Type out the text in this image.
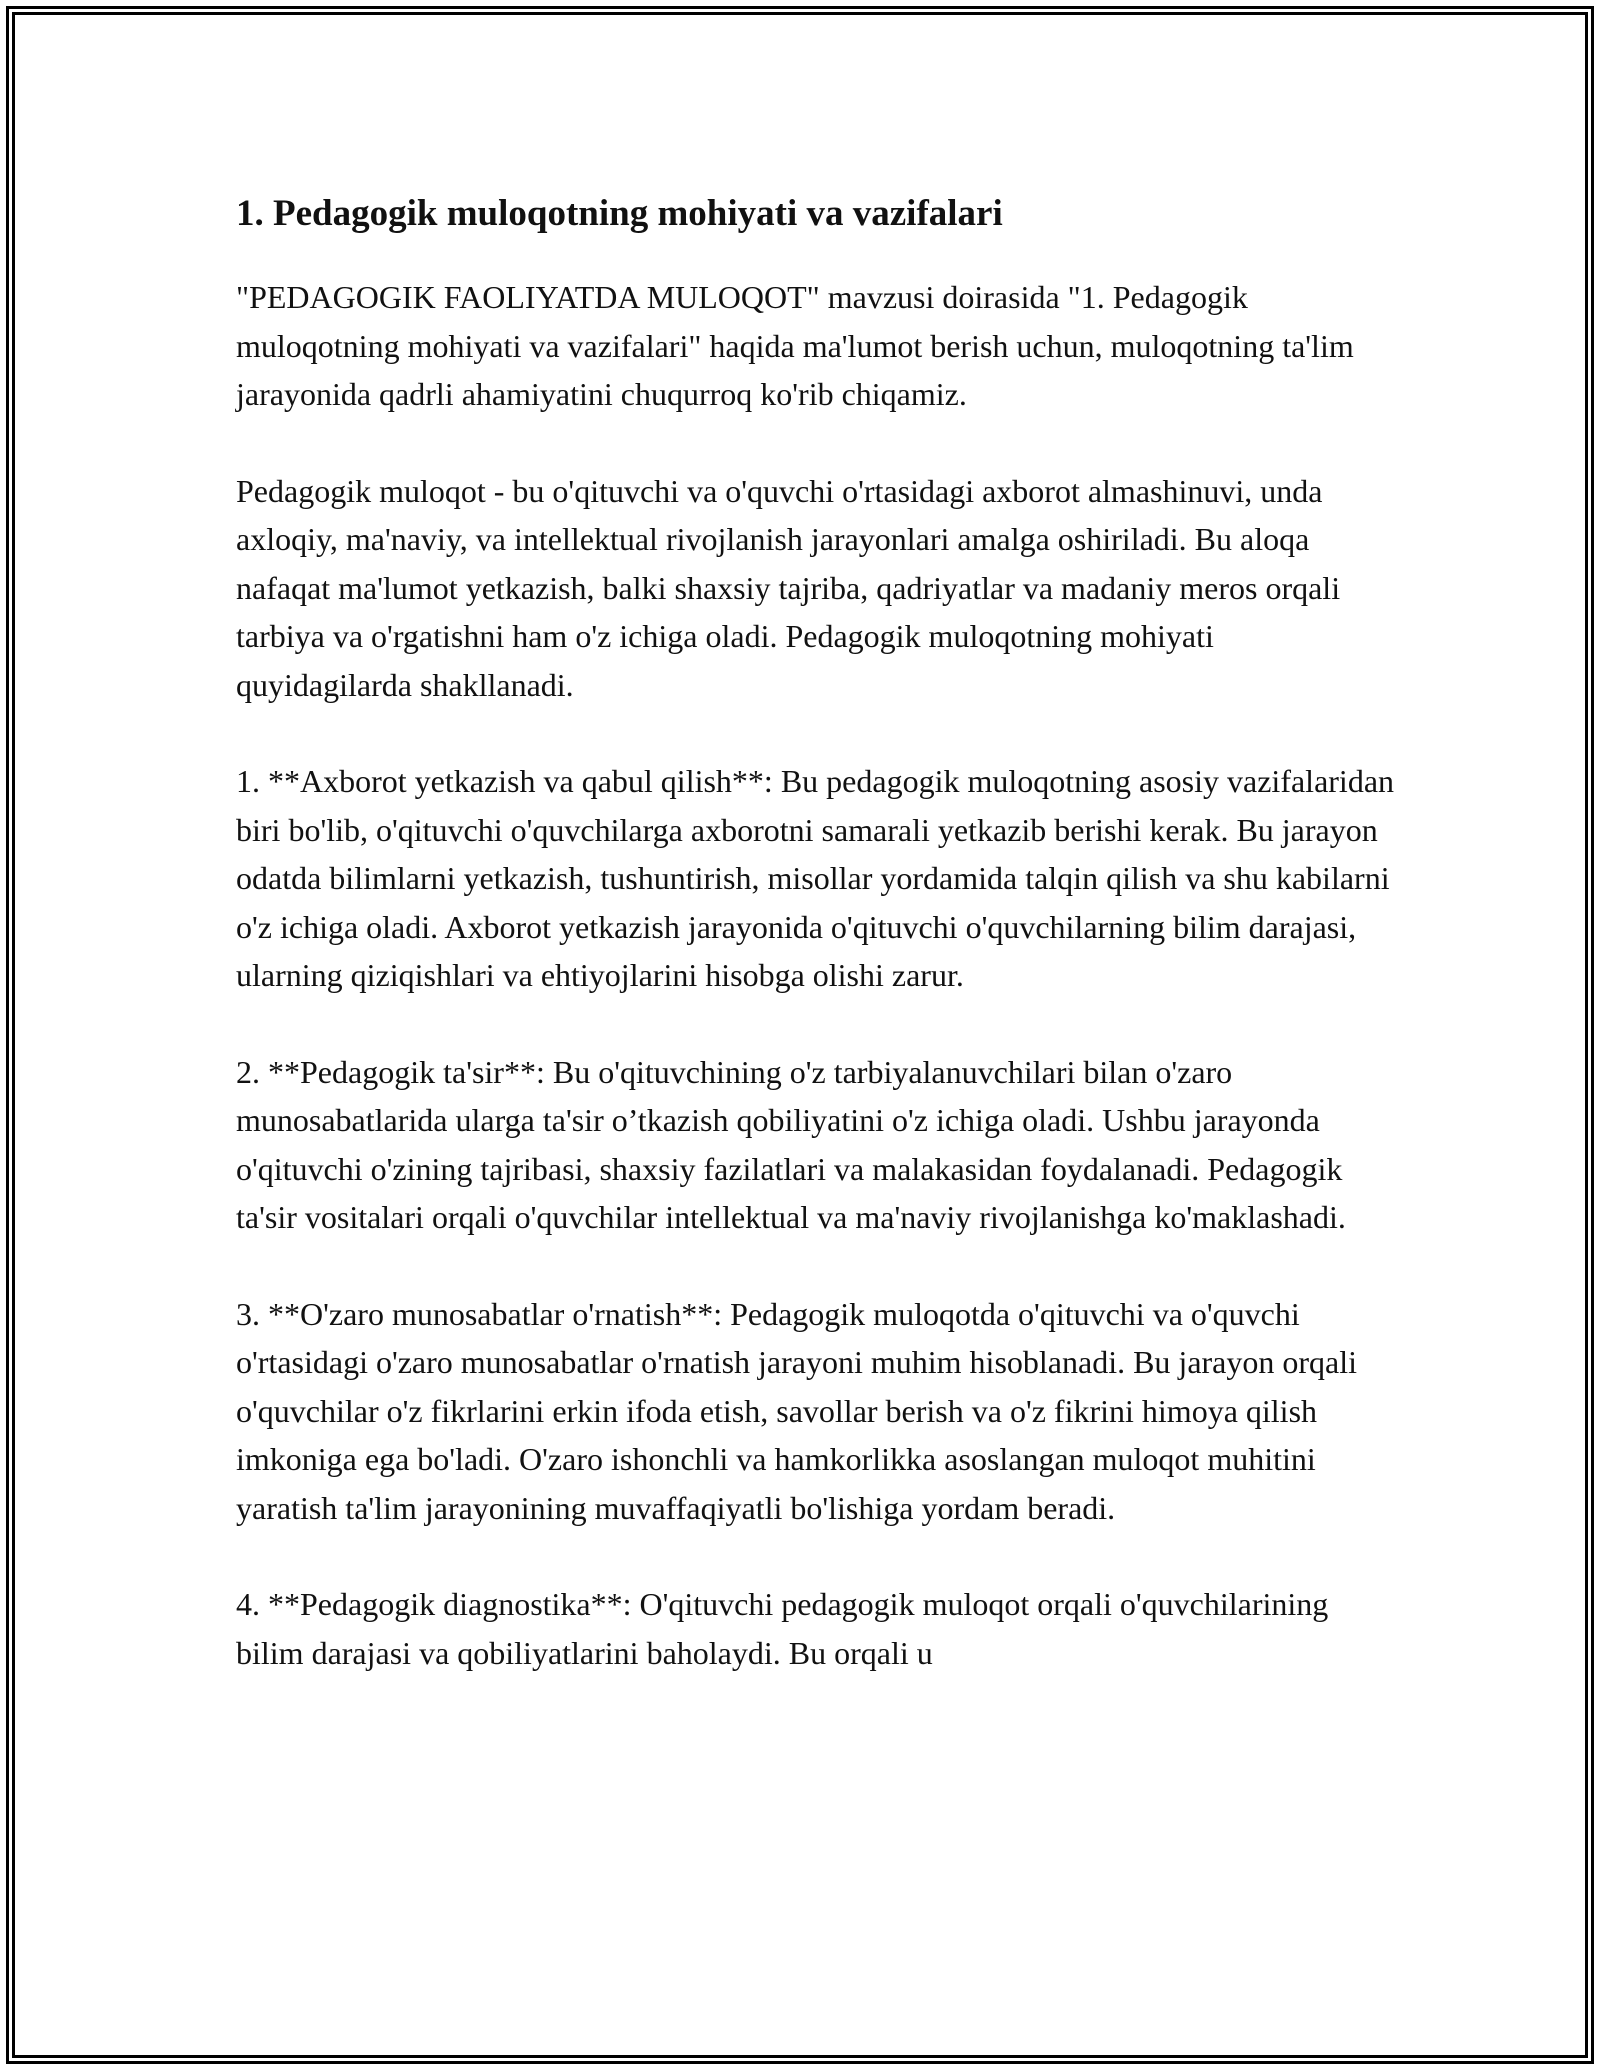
1. Pedagogik muloqotning mohiyati va vazifalari

"PEDAGOGIK FAOLIYATDA MULOQOT" mavzusi doirasida "1. Pedagogik muloqotning mohiyati va vazifalari" haqida ma'lumot berish uchun, muloqotning ta'lim jarayonida qadrli ahamiyatini chuqurroq ko'rib chiqamiz.

Pedagogik muloqot - bu o'qituvchi va o'quvchi o'rtasidagi axborot almashinuvi, unda axloqiy, ma'naviy, va intellektual rivojlanish jarayonlari amalga oshiriladi. Bu aloqa nafaqat ma'lumot yetkazish, balki shaxsiy tajriba, qadriyatlar va madaniy meros orqali tarbiya va o'rgatishni ham o'z ichiga oladi. Pedagogik muloqotning mohiyati quyidagilarda shakllanadi.

1. **Axborot yetkazish va qabul qilish**: Bu pedagogik muloqotning asosiy vazifalaridan biri bo'lib, o'qituvchi o'quvchilarga axborotni samarali yetkazib berishi kerak. Bu jarayon odatda bilimlarni yetkazish, tushuntirish, misollar yordamida talqin qilish va shu kabilarni o'z ichiga oladi. Axborot yetkazish jarayonida o'qituvchi o'quvchilarning bilim darajasi, ularning qiziqishlari va ehtiyojlarini hisobga olishi zarur.

2. **Pedagogik ta'sir**: Bu o'qituvchining o'z tarbiyalanuvchilari bilan o'zaro munosabatlarida ularga ta'sir o’tkazish qobiliyatini o'z ichiga oladi. Ushbu jarayonda o'qituvchi o'zining tajribasi, shaxsiy fazilatlari va malakasidan foydalanadi. Pedagogik ta'sir vositalari orqali o'quvchilar intellektual va ma'naviy rivojlanishga ko'maklashadi.

3. **O'zaro munosabatlar o'rnatish**: Pedagogik muloqotda o'qituvchi va o'quvchi o'rtasidagi o'zaro munosabatlar o'rnatish jarayoni muhim hisoblanadi. Bu jarayon orqali o'quvchilar o'z fikrlarini erkin ifoda etish, savollar berish va o'z fikrini himoya qilish imkoniga ega bo'ladi. O'zaro ishonchli va hamkorlikka asoslangan muloqot muhitini yaratish ta'lim jarayonining muvaffaqiyatli bo'lishiga yordam beradi.

4. **Pedagogik diagnostika**: O'qituvchi pedagogik muloqot orqali o'quvchilarining bilim darajasi va qobiliyatlarini baholaydi. Bu orqali u
